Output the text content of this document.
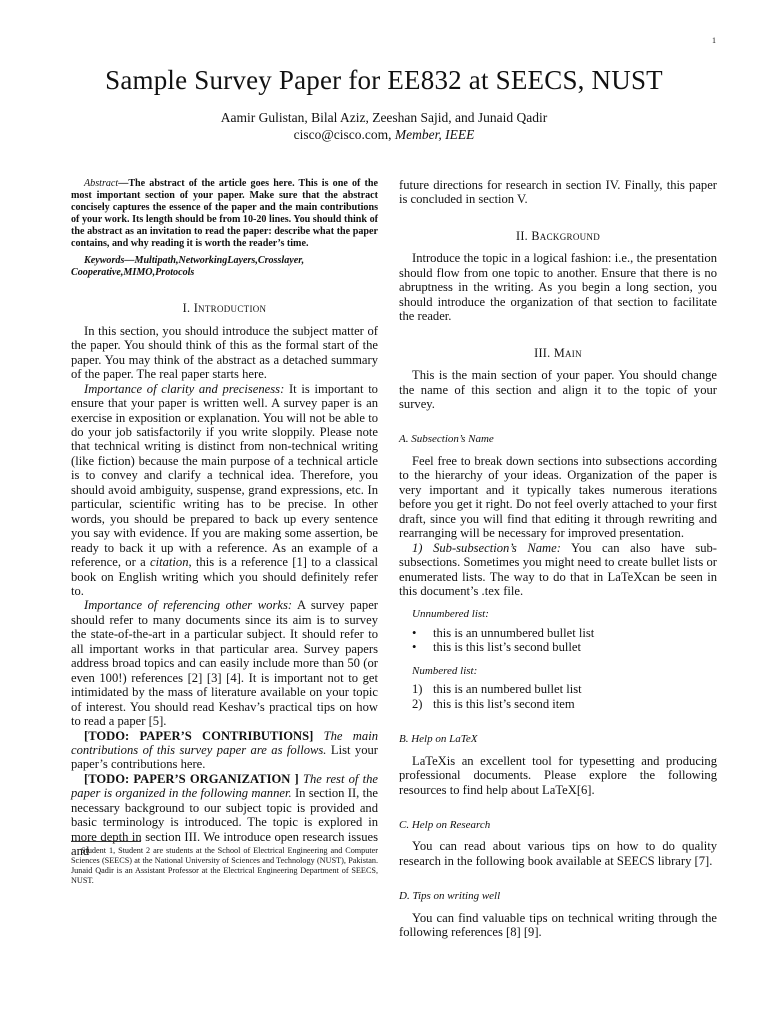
1
Sample Survey Paper for EE832 at SEECS, NUST
Aamir Gulistan, Bilal Aziz, Zeeshan Sajid, and Junaid Qadir
cisco@cisco.com, Member, IEEE

Abstract—The abstract of the article goes here. This is one of the most important section of your paper. Make sure that the abstract concisely captures the essence of the paper and the main contributions of your work. Its length should be from 10-20 lines. You should think of the abstract as an invitation to read the paper: describe what the paper contains, and why reading it is worth the reader’s time.

Keywords—Multipath,NetworkingLayers,Crosslayer, Cooperative,MIMO,Protocols

I. Introduction

In this section, you should introduce the subject matter of the paper. You should think of this as the formal start of the paper. You may think of the abstract as a detached summary of the paper. The real paper starts here.

Importance of clarity and preciseness: It is important to ensure that your paper is written well. A survey paper is an exercise in exposition or explanation. You will not be able to do your job satisfactorily if you write sloppily. Please note that technical writing is distinct from non-technical writing (like fiction) because the main purpose of a technical article is to convey and clarify a technical idea. Therefore, you should avoid ambiguity, suspense, grand expressions, etc. In particular, scientific writing has to be precise. In other words, you should be prepared to back up every sentence you say with evidence. If you are making some assertion, be ready to back it up with a reference. As an example of a reference, or a citation, this is a reference [1] to a classical book on English writing which you should definitely refer to.

Importance of referencing other works: A survey paper should refer to many documents since its aim is to survey the state-of-the-art in a particular subject. It should refer to all important works in that particular area. Survey papers address broad topics and can easily include more than 50 (or even 100!) references [2] [3] [4]. It is important not to get intimidated by the mass of literature available on your topic of interest. You should read Keshav’s practical tips on how to read a paper [5].

[TODO: PAPER’S CONTRIBUTIONS] The main contributions of this survey paper are as follows. List your paper’s contributions here.

[TODO: PAPER’S ORGANIZATION ] The rest of the paper is organized in the following manner. In section II, the necessary background to our subject topic is provided and basic terminology is introduced. The topic is explored in more depth in section III. We introduce open research issues and

Student 1, Student 2 are students at the School of Electrical Engineering and Computer Sciences (SEECS) at the National University of Sciences and Technology (NUST), Pakistan. Junaid Qadir is an Assistant Professor at the Electrical Engineering Department of SEECS, NUST.

future directions for research in section IV. Finally, this paper is concluded in section V.

II. Background

Introduce the topic in a logical fashion: i.e., the presentation should flow from one topic to another. Ensure that there is no abruptness in the writing. As you begin a long section, you should introduce the organization of that section to facilitate the reader.

III. Main

This is the main section of your paper. You should change the name of this section and align it to the topic of your survey.

A. Subsection’s Name

Feel free to break down sections into subsections according to the hierarchy of your ideas. Organization of the paper is very important and it typically takes numerous iterations before you get it right. Do not feel overly attached to your first draft, since you will find that editing it through rewriting and rearranging will be necessary for improved presentation.

1) Sub-subsection’s Name: You can also have sub-subsections. Sometimes you might need to create bullet lists or enumerated lists. The way to do that in LaTeXcan be seen in this document’s .tex file.

Unnumbered list:
•	this is an unnumbered bullet list
•	this is this list’s second bullet
Numbered list:
1) this is an numbered bullet list
2) this is this list’s second item
B. Help on LaTeX

LaTeXis an excellent tool for typesetting and producing professional documents. Please explore the following resources to find help about LaTeX[6].

C. Help on Research

You can read about various tips on how to do quality research in the following book available at SEECS library [7].

D. Tips on writing well

You can find valuable tips on technical writing through the following references [8] [9].
